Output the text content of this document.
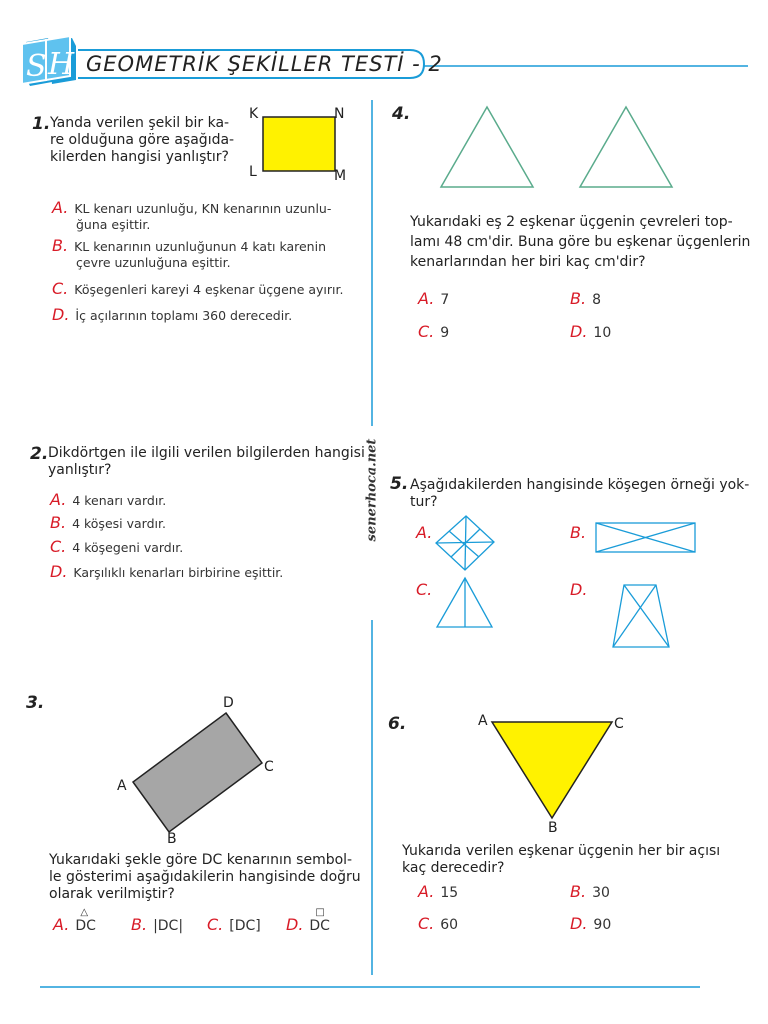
S H GEOMETRİK ŞEKİLLER TESTİ - 2
senerhoca.net
1. Yanda verilen şekil bir ka-
re olduğuna göre aşağıda-
kilerden hangisi yanlıştır?
K	N
L	M
A. KL kenarı uzunluğu, KN kenarının uzunlu-
ğuna eşittir.
B. KL kenarının uzunluğunun 4 katı karenin
çevre uzunluğuna eşittir.
C. Köşegenleri kareyi 4 eşkenar üçgene ayırır.
D. İç açılarının toplamı 360 derecedir.
2. Dikdörtgen ile ilgili verilen bilgilerden hangisi
yanlıştır?
A. 4 kenarı vardır.
B. 4 köşesi vardır.
C. 4 köşegeni vardır.
D. Karşılıklı kenarları birbirine eşittir.
3.	D
C
A
B
Yukarıdaki şekle göre DC kenarının sembol-
le gösterimi aşağıdakilerin hangisinde doğru
olarak verilmiştir?
A.
△
DC B. |DC| C. [DC] D.
□
DC
4.
Yukarıdaki eş 2 eşkenar üçgenin çevreleri top-
lamı 48 cm'dir. Buna göre bu eşkenar üçgenlerin
kenarlarından her biri kaç cm'dir?
A. 7	B. 8
C. 9	D. 10
5. Aşağıdakilerden hangisinde köşegen örneği yok-
tur?
A.	B.
C.	D.
6.	A	C
B
Yukarıda verilen eşkenar üçgenin her bir açısı
kaç derecedir?
A. 15	B. 30
C. 60	D. 90
